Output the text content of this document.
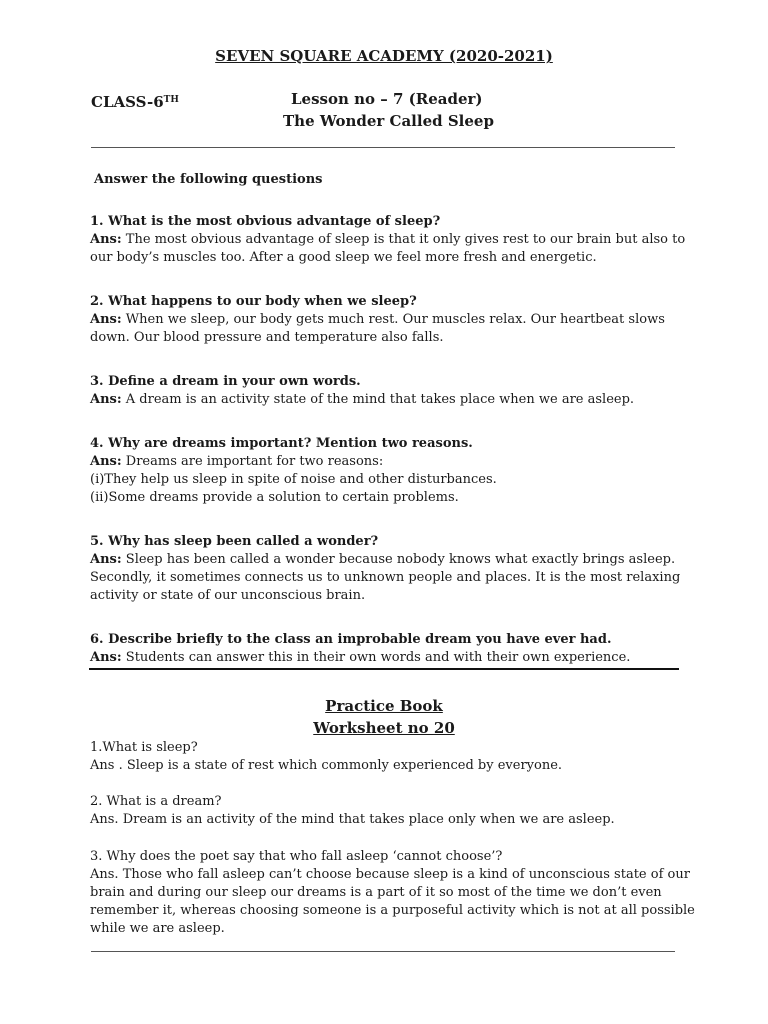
SEVEN SQUARE ACADEMY (2020-2021)
CLASS-6TH	Lesson no – 7 (Reader)
The Wonder Called Sleep
Answer the following questions

1. What is the most obvious advantage of sleep?

Ans: The most obvious advantage of sleep is that it only gives rest to our brain but also to

our body’s muscles too. After a good sleep we feel more fresh and energetic.

2. What happens to our body when we sleep?

Ans: When we sleep, our body gets much rest. Our muscles relax. Our heartbeat slows

down. Our blood pressure and temperature also falls.

3. Define a dream in your own words.

Ans: A dream is an activity state of the mind that takes place when we are asleep.

4. Why are dreams important? Mention two reasons.

Ans: Dreams are important for two reasons:

(i)They help us sleep in spite of noise and other disturbances.

(ii)Some dreams provide a solution to certain problems.

5. Why has sleep been called a wonder?

Ans: Sleep has been called a wonder because nobody knows what exactly brings asleep.

Secondly, it sometimes connects us to unknown people and places. It is the most relaxing

activity or state of our unconscious brain.

6. Describe briefly to the class an improbable dream you have ever had.

Ans: Students can answer this in their own words and with their own experience.

Practice Book
Worksheet no 20

1.What is sleep?

Ans . Sleep is a state of rest which commonly experienced by everyone.

2. What is a dream?

Ans. Dream is an activity of the mind that takes place only when we are asleep.

3. Why does the poet say that who fall asleep ‘cannot choose’?

Ans. Those who fall asleep can’t choose because sleep is a kind of unconscious state of our

brain and during our sleep our dreams is a part of it so most of the time we don’t even

remember it, whereas choosing someone is a purposeful activity which is not at all possible

while we are asleep.
